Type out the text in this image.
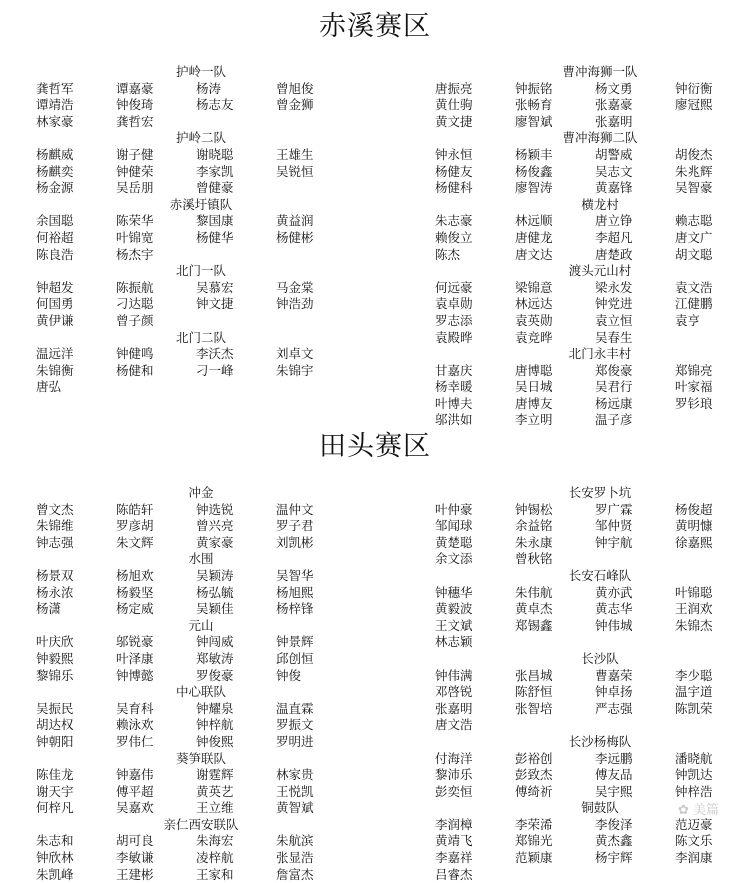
赤溪赛区
护岭一队
龚哲军	谭嘉豪	杨涛	曾旭俊
谭靖浩	钟俊琦	杨志友	曾金狮
林家豪	龚哲宏
护岭二队
杨麒威	谢子健	谢晓聪	王雄生
杨麒奕	钟健荣	李家凯	吴锐恒
杨金源	吴岳朋	曾健豪
赤溪圩镇队
余国聪	陈荣华	黎国康	黄益润
何裕超	叶锦宽	杨健华	杨健彬
陈良浩	杨杰宇
北门一队
钟超发	陈振航	吴慕宏	马金棠
何国勇	刁达聪	钟文捷	钟浩劲
黄伊谦	曾子颜
北门二队
温远洋	钟健鸣	李沃杰	刘卓文
朱锦衡	杨健和	刁一峰	朱锦宇
唐弘
曹冲海狮一队
唐振亮	钟振铭	杨文勇	钟衍衡
黄仕驹	张畅育	张嘉豪	廖冠熙
黄文捷	廖智斌	张嘉明
曹冲海狮二队
钟永恒	杨颖丰	胡警威	胡俊杰
杨健友	杨俊鑫	吴志文	朱兆辉
杨健科	廖智涛	黄嘉锋	吴智豪
横龙村
朱志豪	林远顺	唐立铮	赖志聪
赖俊立	唐健龙	李超凡	唐文广
陈杰	唐文达	唐楚政	胡文聪
渡头元山村
何远豪	梁锦意	梁永发	袁文浩
袁卓勋	林远达	钟党进	江健鹏
罗志添	袁英勋	袁立恒	袁亨
袁殿晔	袁竞晔	吴春生
北门永丰村
甘嘉庆	唐博聪	郑俊豪	郑锦亮
杨幸暖	吴日城	吴君行	叶家福
叶博夫	唐博友	杨远康	罗钐琅
邬洪如	李立明	温子彦
田头赛区
冲金
曾文杰	陈皓轩	钟选锐	温仲文
朱锦维	罗彦胡	曾兴亮	罗子君
钟志强	朱文辉	黄家豪	刘凯彬
水围
杨景双	杨旭欢	吴颖涛	吴智华
杨永浓	杨毅坚	杨弘毓	杨旭熙
杨潇	杨定威	吴颖佳	杨梓锋
元山
叶庆欣	邬锐豪	钟闯威	钟景辉
钟毅熙	叶泽康	郑敏涛	邱创恒
黎锦乐	钟博懿	罗俊豪	钟俊
中心联队
吴振民	吴育科	钟耀泉	温直霖
胡达权	赖泳欢	钟梓航	罗振文
钟朝阳	罗伟仁	钟俊熙	罗明进
葵笋联队
陈佳龙	钟嘉伟	谢霆辉	林家贵
谢天宇	傅平超	黄英艺	王悦凯
何梓凡	吴嘉欢	王立维	黄智斌
亲仁西安联队
朱志和	胡可良	朱海宏	朱航滨
钟欣林	李敏谦	凌梓航	张显浩
朱凯峰	王建彬	王家和	詹富杰
长安罗卜坑
叶仲豪	钟锡松	罗广霖	杨俊超
邹闻球	余益铭	邹仲贤	黄明慷
黄楚聪	朱永康	钟宇航	徐嘉熙
余文添	曾秋铭
长安石峰队
钟穗华	朱伟航	黄亦武	叶锦聪
黄毅波	黄卓杰	黄志华	王润欢
王文斌	郑锡鑫	钟伟城	朱锦杰
林志颖
长沙队
钟伟满	张昌城	曹嘉荣	李少聪
邓啓锐	陈舒恒	钟卓扬	温宇道
张嘉明	张智培	严志强	陈凯荣
唐文浩
长沙杨梅队
付海洋	彭裕创	李远鹏	潘晓航
黎沛乐	彭致杰	傅友品	钟凯达
彭奕恒	傅绮祈	吴宇熙	钟梓浩
铜鼓队
李润樟	李荣浠	李俊泽	范迈豪
黄靖飞	郑锦光	黄杰鑫	陈文乐
李嘉祥	范颖康	杨宇辉	李润康
吕睿杰
✿ 美篇
